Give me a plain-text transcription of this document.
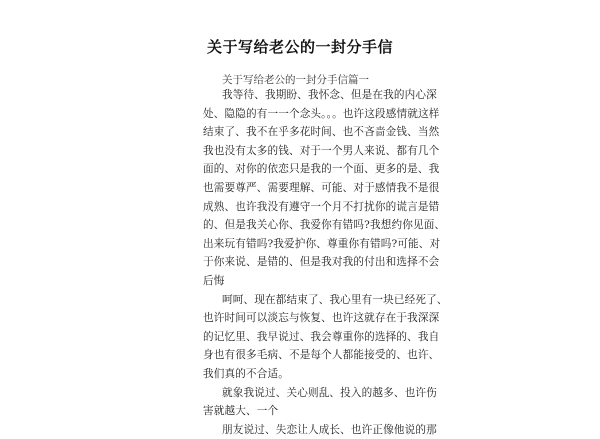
关于写给老公的一封分手信
关于写给老公的一封分手信篇一
我等待、我期盼、我怀念、但是在我的内心深
处、隐隐的有一一个念头。。。也许这段感情就这样
结束了、我不在乎多花时间、也不吝啬金钱、当然
我也没有太多的钱、对于一个男人来说、都有几个
面的、对你的依恋只是我的一个面、更多的是、我
也需要尊严、需要理解、可能、对于感情我不是很
成熟、也许我没有遵守一个月不打扰你的谎言是错
的、但是我关心你、我爱你有错吗?我想约你见面、
出来玩有错吗?我爱护你、尊重你有错吗?可能、对
于你来说、是错的、但是我对我的付出和选择不会
后悔
呵呵、现在都结束了、我心里有一块已经死了、
也许时间可以淡忘与恢复、也许这就存在于我深深
的记忆里、我早说过、我会尊重你的选择的、我自
身也有很多毛病、不是每个人都能接受的、也许、
我们真的不合适。
就象我说过、关心则乱、投入的越多、也许伤
害就越大、一个
朋友说过、失恋让人成长、也许正像他说的那
